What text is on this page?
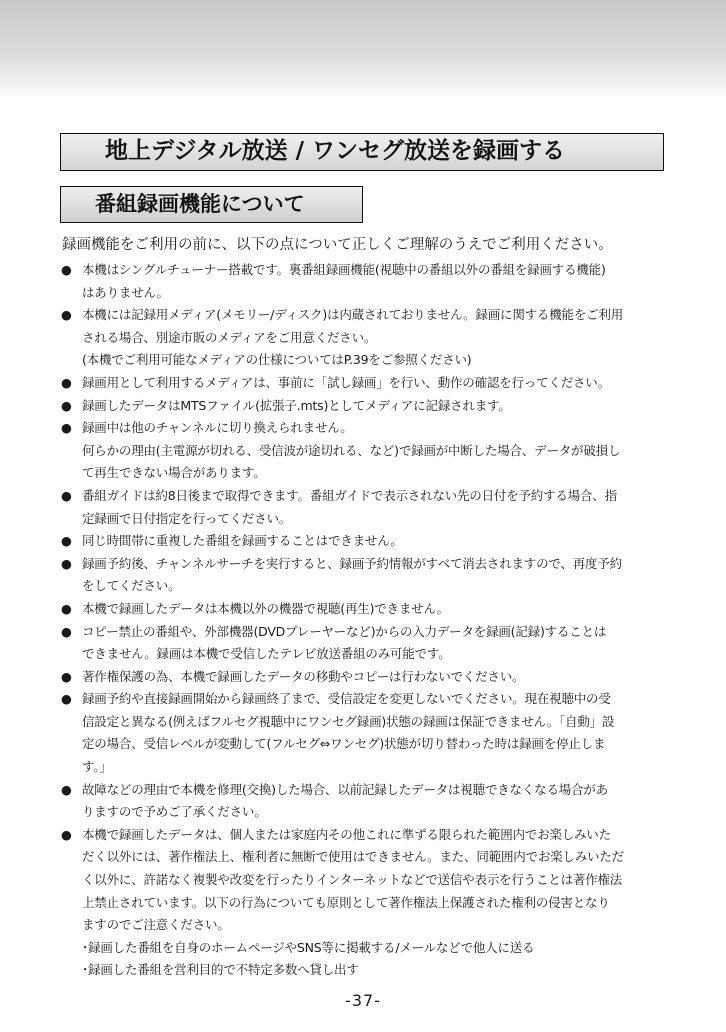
地上デジタル放送 / ワンセグ放送を録画する
番組録画機能について
録画機能をご利用の前に、以下の点について正しくご理解のうえでご利用ください。
● 本機はシングルチューナー搭載です。裏番組録画機能(視聴中の番組以外の番組を録画する機能)
はありません。
● 本機には記録用メディア(メモリー/ディスク)は内蔵されておりません。録画に関する機能をご利用
される場合、別途市販のメディアをご用意ください。
(本機でご利用可能なメディアの仕様についてはP.39をご参照ください)
● 録画用として利用するメディアは、事前に「試し録画」を行い、動作の確認を行ってください。
● 録画したデータはMTSファイル(拡張子.mts)としてメディアに記録されます。
● 録画中は他のチャンネルに切り換えられません。
何らかの理由(主電源が切れる、受信波が途切れる、など)で録画が中断した場合、データが破損し
て再生できない場合があります。
● 番組ガイドは約8日後まで取得できます。番組ガイドで表示されない先の日付を予約する場合、指
定録画で日付指定を行ってください。
● 同じ時間帯に重複した番組を録画することはできません。
● 録画予約後、チャンネルサーチを実行すると、録画予約情報がすべて消去されますので、再度予約
をしてください。
● 本機で録画したデータは本機以外の機器で視聴(再生)できません。
● コピー禁止の番組や、外部機器(DVDプレーヤーなど)からの入力データを録画(記録)することは
できません。録画は本機で受信したテレビ放送番組のみ可能です。
● 著作権保護の為、本機で録画したデータの移動やコピーは行わないでください。
● 録画予約や直接録画開始から録画終了まで、受信設定を変更しないでください。現在視聴中の受
信設定と異なる(例えばフルセグ視聴中にワンセグ録画)状態の録画は保証できません。「自動」設
定の場合、受信レベルが変動して(フルセグ⇔ワンセグ)状態が切り替わった時は録画を停止しま
す。」
● 故障などの理由で本機を修理(交換)した場合、以前記録したデータは視聴できなくなる場合があ
りますので予めご了承ください。
● 本機で録画したデータは、個人または家庭内その他これに準ずる限られた範囲内でお楽しみいた
だく以外には、著作権法上、権利者に無断で使用はできません。また、同範囲内でお楽しみいただ
く以外に、許諾なく複製や改変を行ったりインターネットなどで送信や表示を行うことは著作権法
上禁止されています。以下の行為についても原則として著作権法上保護された権利の侵害となり
ますのでご注意ください。
･録画した番組を自身のホームページやSNS等に掲載する/メールなどで他人に送る
･録画した番組を営利目的で不特定多数へ貸し出す
-37-
